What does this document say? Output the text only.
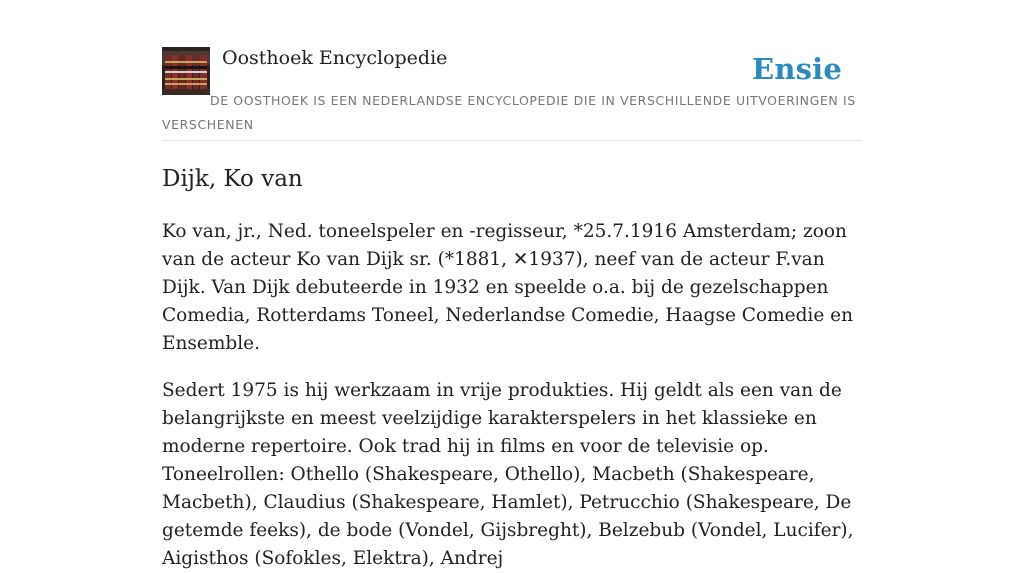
Oosthoek Encyclopedie	Ensie
DE OOSTHOEK IS EEN NEDERLANDSE ENCYCLOPEDIE DIE IN VERSCHILLENDE UITVOERINGEN IS VERSCHENEN
Dijk, Ko van

Ko van, jr., Ned. toneelspeler en -regisseur, *25.7.1916 Amsterdam; zoon van de acteur Ko van Dijk sr. (*1881, ✕1937), neef van de acteur F.van Dijk. Van Dijk debuteerde in 1932 en speelde o.a. bij de gezelschappen Comedia, Rotterdams Toneel, Nederlandse Comedie, Haagse Comedie en Ensemble.

Sedert 1975 is hij werkzaam in vrije produkties. Hij geldt als een van de belangrijkste en meest veelzijdige karakterspelers in het klassieke en moderne repertoire. Ook trad hij in films en voor de televisie op. Toneelrollen: Othello (Shakespeare, Othello), Macbeth (Shakespeare, Macbeth), Claudius (Shakespeare, Hamlet), Petrucchio (Shakespeare, De getemde feeks), de bode (Vondel, Gijsbreght), Belzebub (Vondel, Lucifer), Aigisthos (Sofokles, Elektra), Andrej
